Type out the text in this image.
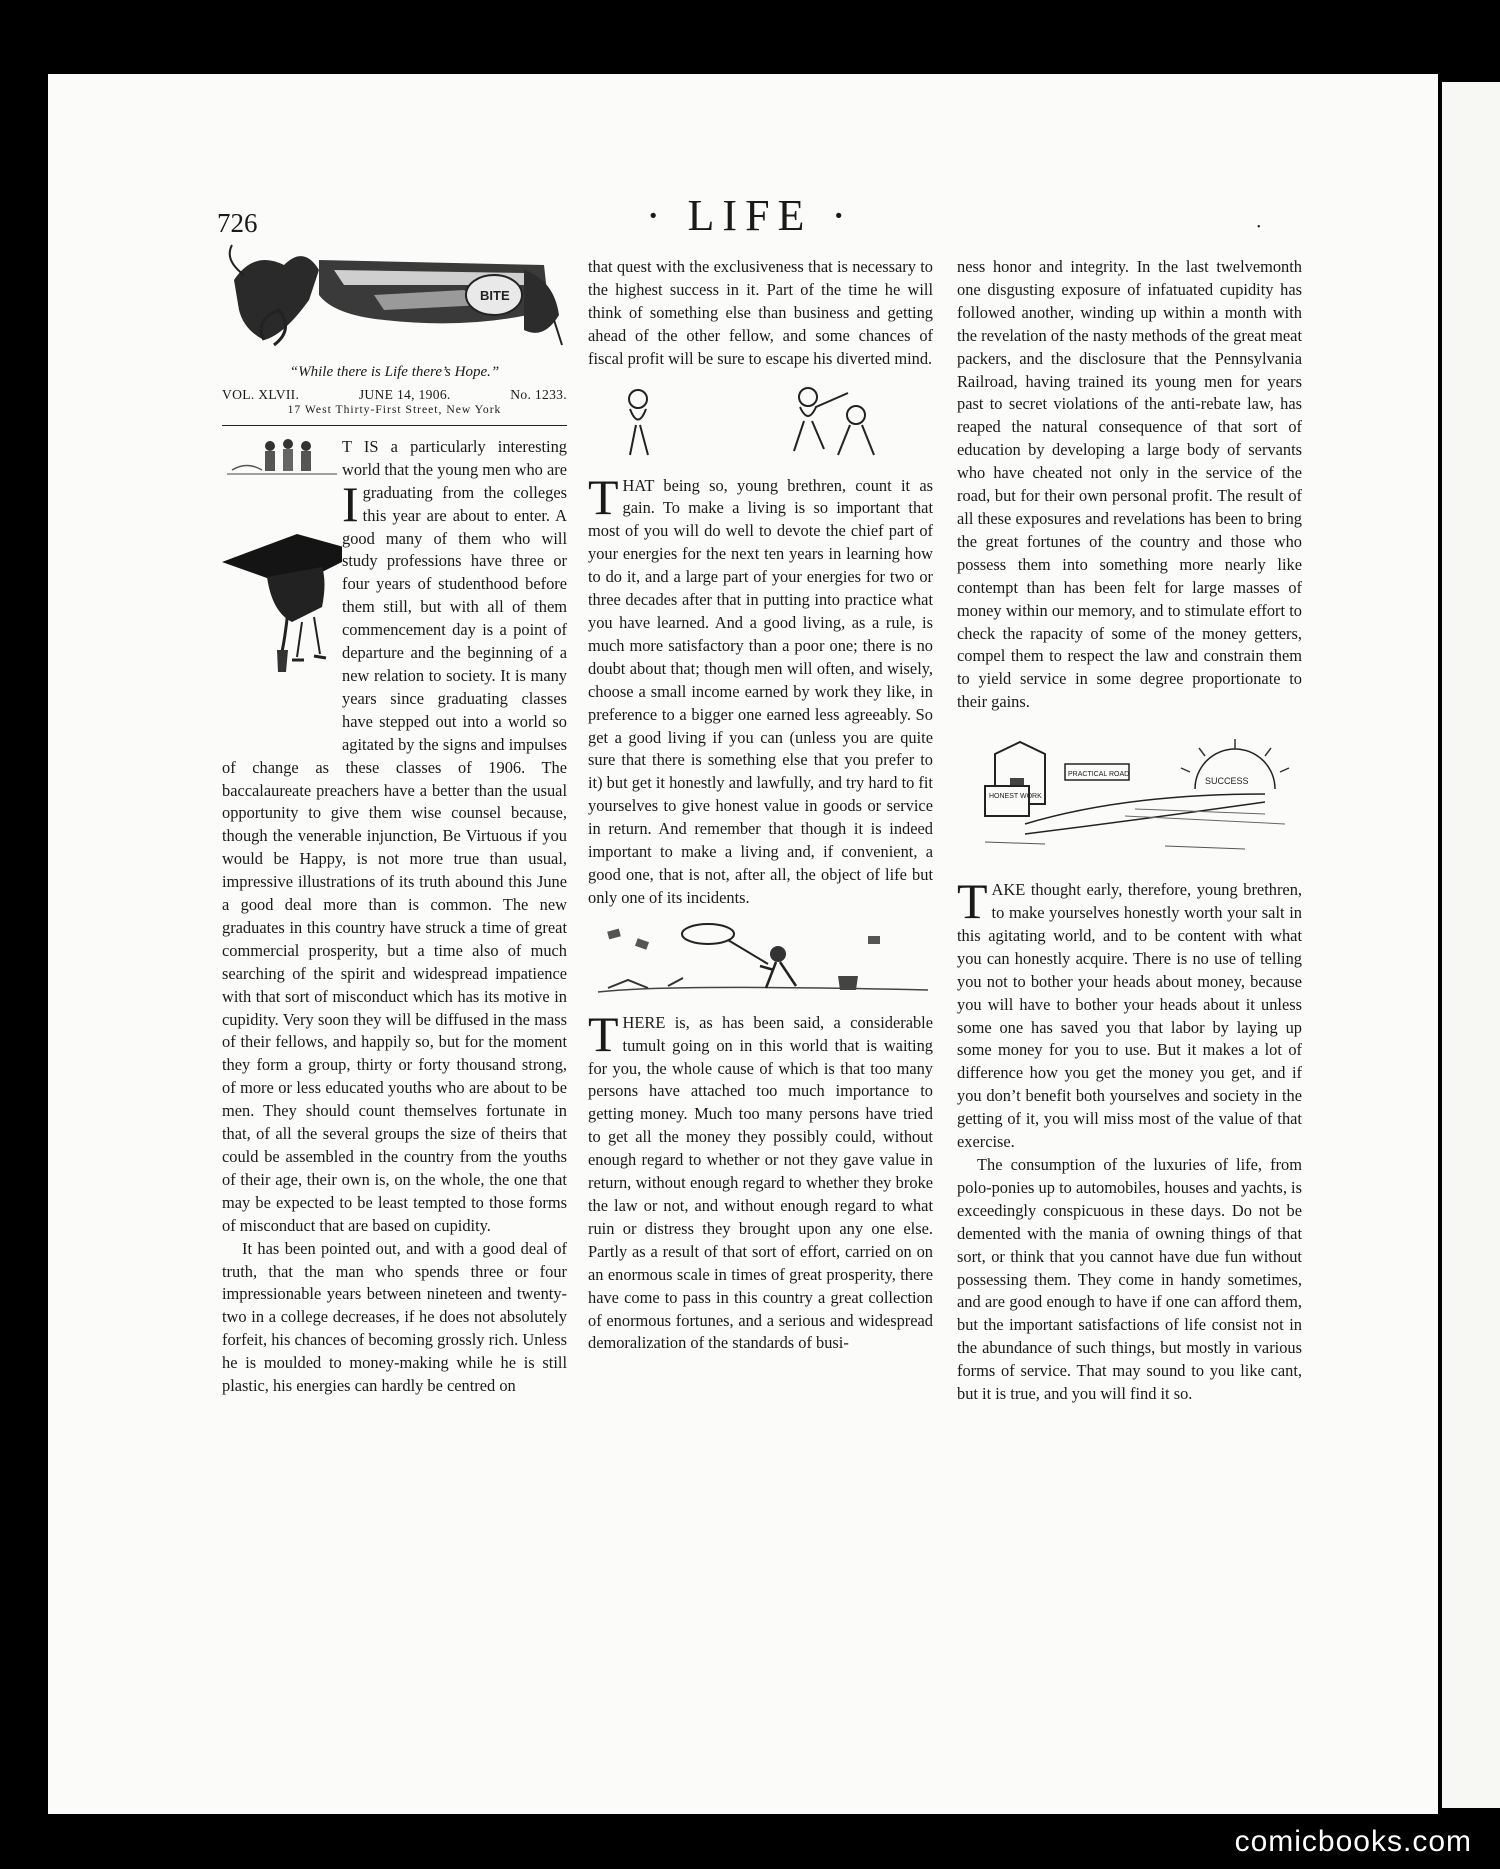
726	· LIFE ·	•
BITE
“While there is Life there’s Hope.”
VOL. XLVII.	JUNE 14, 1906.	No. 1233.
17 West Thirty-First Street, New York

I
T IS a particularly interesting world that the young men who are graduating from the colleges this year are about to enter. A good many of them who will study professions have three or four years of studenthood before them still, but with all of them commencement day is a point of departure and the beginning of a new relation to society. It is many years since graduating classes have stepped out into a world so agitated by the signs and impulses of change as these classes of 1906. The baccalaureate preachers have a better than the usual opportunity to give them wise counsel because, though the venerable injunction, Be Virtuous if you would be Happy, is not more true than usual, impressive illustrations of its truth abound this June a good deal more than is common. The new graduates in this country have struck a time of great commercial prosperity, but a time also of much searching of the spirit and widespread impatience with that sort of misconduct which has its motive in cupidity. Very soon they will be diffused in the mass of their fellows, and happily so, but for the moment they form a group, thirty or forty thousand strong, of more or less educated youths who are about to be men. They should count themselves fortunate in that, of all the several groups the size of theirs that could be assembled in the country from the youths of their age, their own is, on the whole, the one that may be expected to be least tempted to those forms of misconduct that are based on cupidity.

It has been pointed out, and with a good deal of truth, that the man who spends three or four impressionable years between nineteen and twenty-two in a college decreases, if he does not absolutely forfeit, his chances of becoming grossly rich. Unless he is moulded to money-making while he is still plastic, his energies can hardly be centred on

that quest with the exclusiveness that is necessary to the highest success in it. Part of the time he will think of something else than business and getting ahead of the other fellow, and some chances of fiscal profit will be sure to escape his diverted mind.

THAT being so, young brethren, count it as gain. To make a living is so important that most of you will do well to devote the chief part of your energies for the next ten years in learning how to do it, and a large part of your energies for two or three decades after that in putting into practice what you have learned. And a good living, as a rule, is much more satisfactory than a poor one; there is no doubt about that; though men will often, and wisely, choose a small income earned by work they like, in preference to a bigger one earned less agreeably. So get a good living if you can (unless you are quite sure that there is something else that you prefer to it) but get it honestly and lawfully, and try hard to fit yourselves to give honest value in goods or service in return. And remember that though it is indeed important to make a living and, if convenient, a good one, that is not, after all, the object of life but only one of its incidents.

THERE is, as has been said, a considerable tumult going on in this world that is waiting for you, the whole cause of which is that too many persons have attached too much importance to getting money. Much too many persons have tried to get all the money they possibly could, without enough regard to whether or not they gave value in return, without enough regard to whether they broke the law or not, and without enough regard to what ruin or distress they brought upon any one else. Partly as a result of that sort of effort, carried on on an enormous scale in times of great prosperity, there have come to pass in this country a great collection of enormous fortunes, and a serious and widespread demoralization of the standards of busi-

ness honor and integrity. In the last twelvemonth one disgusting exposure of infatuated cupidity has followed another, winding up within a month with the revelation of the nasty methods of the great meat packers, and the disclosure that the Pennsylvania Railroad, having trained its young men for years past to secret violations of the anti-rebate law, has reaped the natural consequence of that sort of education by developing a large body of servants who have cheated not only in the service of the road, but for their own personal profit. The result of all these exposures and revelations has been to bring the great fortunes of the country and those who possess them into something more nearly like contempt than has been felt for large masses of money within our memory, and to stimulate effort to check the rapacity of some of the money getters, compel them to respect the law and constrain them to yield service in some degree proportionate to their gains.

HONEST WORK
PRACTICAL ROAD
SUCCESS

TAKE thought early, therefore, young brethren, to make yourselves honestly worth your salt in this agitating world, and to be content with what you can honestly acquire. There is no use of telling you not to bother your heads about money, because you will have to bother your heads about it unless some one has saved you that labor by laying up some money for you to use. But it makes a lot of difference how you get the money you get, and if you don’t benefit both yourselves and society in the getting of it, you will miss most of the value of that exercise.

The consumption of the luxuries of life, from polo-ponies up to automobiles, houses and yachts, is exceedingly conspicuous in these days. Do not be demented with the mania of owning things of that sort, or think that you cannot have due fun without possessing them. They come in handy sometimes, and are good enough to have if one can afford them, but the important satisfactions of life consist not in the abundance of such things, but mostly in various forms of service. That may sound to you like cant, but it is true, and you will find it so.

comicbooks.com
